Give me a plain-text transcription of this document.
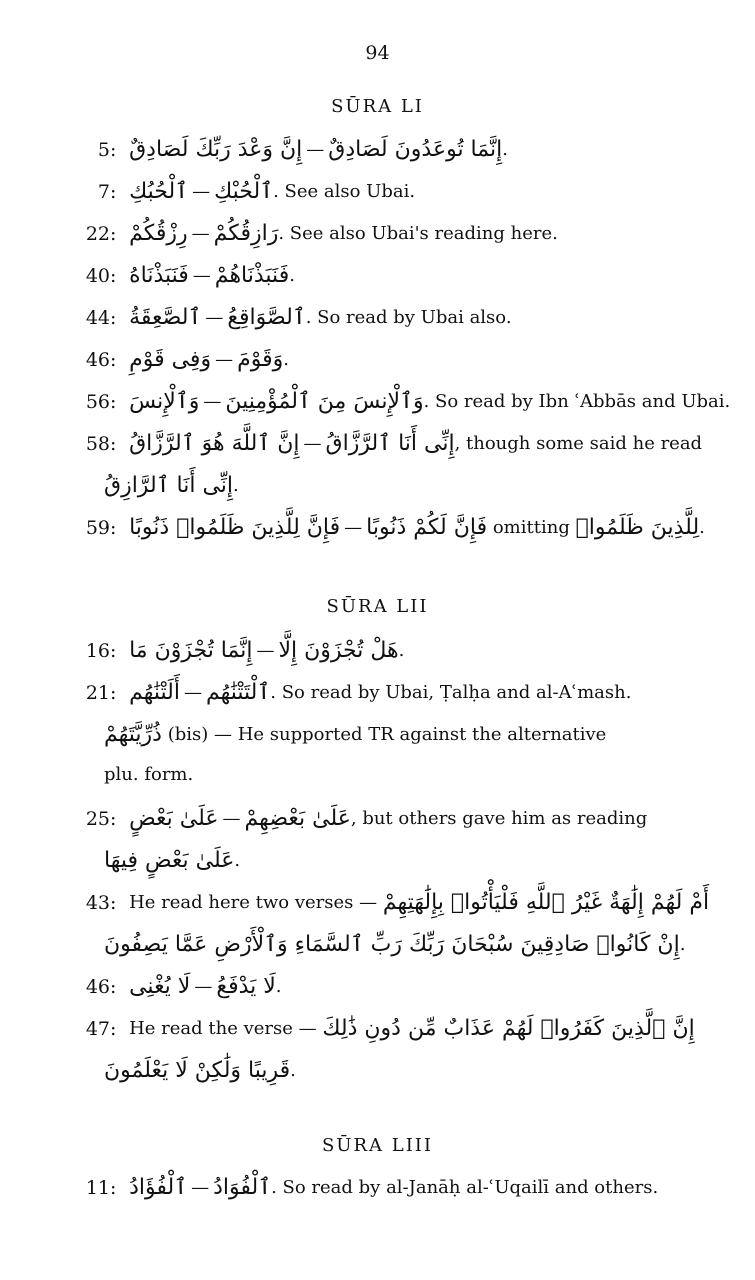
94
SŪRA LI
5: إِنَّ وَعْدَ رَبِّكَ لَصَادِقٌ — إِنَّمَا تُوعَدُونَ لَصَادِقٌ.
7: ٱلْحُبُكِ — ٱلْحُبْكِ. See also Ubai.
22: رِزْقُكُمْ — رَازِقُكُمْ. See also Ubai's reading here.
40: فَنَبَذْنَاهُ — فَنَبَذْنَاهُمْ.
44: ٱلصَّعِقَةُ — ٱلصَّوَاقِعُ. So read by Ubai also.
46: وَفِى قَوْمِ — وَقَوْمَ.
56: وَٱلْإِنسَ — وَٱلْإِنسَ مِنَ ٱلْمُؤْمِنِينَ. So read by Ibn ʿAbbās and Ubai.
58: إِنَّ ٱللَّهَ هُوَ ٱلرَّزَّاقُ — إِنِّى أَنَا ٱلرَّزَّاقُ, though some said he read
إِنِّى أَنَا ٱلرَّازِقُ.
59: فَإِنَّ لِلَّذِينَ ظَلَمُوا۟ ذَنُوبًا — فَإِنَّ لَكُمْ ذَنُوبًا omitting لِلَّذِينَ ظَلَمُوا۟.
SŪRA LII
16: إِنَّمَا تُجْزَوْنَ مَا — هَلْ تُجْزَوْنَ إِلَّا.
21: أَلَتْنَٰهُم — ٱلْتَتْنَٰهُم. So read by Ubai, Ṭalḥa and al-Aʿmash.
ذُرِّيَّتَهُمْ (bis) — He supported TR against the alternative
plu. form.
25: عَلَىٰ بَعْضٍ — عَلَىٰ بَعْضِهِمْ, but others gave him as reading
عَلَىٰ بَعْضٍ فِيهَا.
43: He read here two verses — أَمْ لَهُمْ إِلَٰهَةٌ غَيْرُ ٱللَّهِ فَلْيَأْتُوا۟ بِإِلَٰهَتِهِمْ
إِنْ كَانُوا۟ صَادِقِينَ سُبْحَانَ رَبِّكَ رَبِّ ٱلسَّمَاءِ وَٱلْأَرْضِ عَمَّا يَصِفُونَ.
46: لَا يُغْنِى — لَا يَدْفَعُ.
47: He read the verse — إِنَّ ٱلَّذِينَ كَفَرُوا۟ لَهُمْ عَذَابٌ مِّن دُونِ ذَٰلِكَ
قَرِيبًا وَلَٰكِنْ لَا يَعْلَمُونَ.
SŪRA LIII
11: ٱلْفُؤَادُ — ٱلْفُوَادُ. So read by al-Janāḥ al-ʿUqailī and others.
